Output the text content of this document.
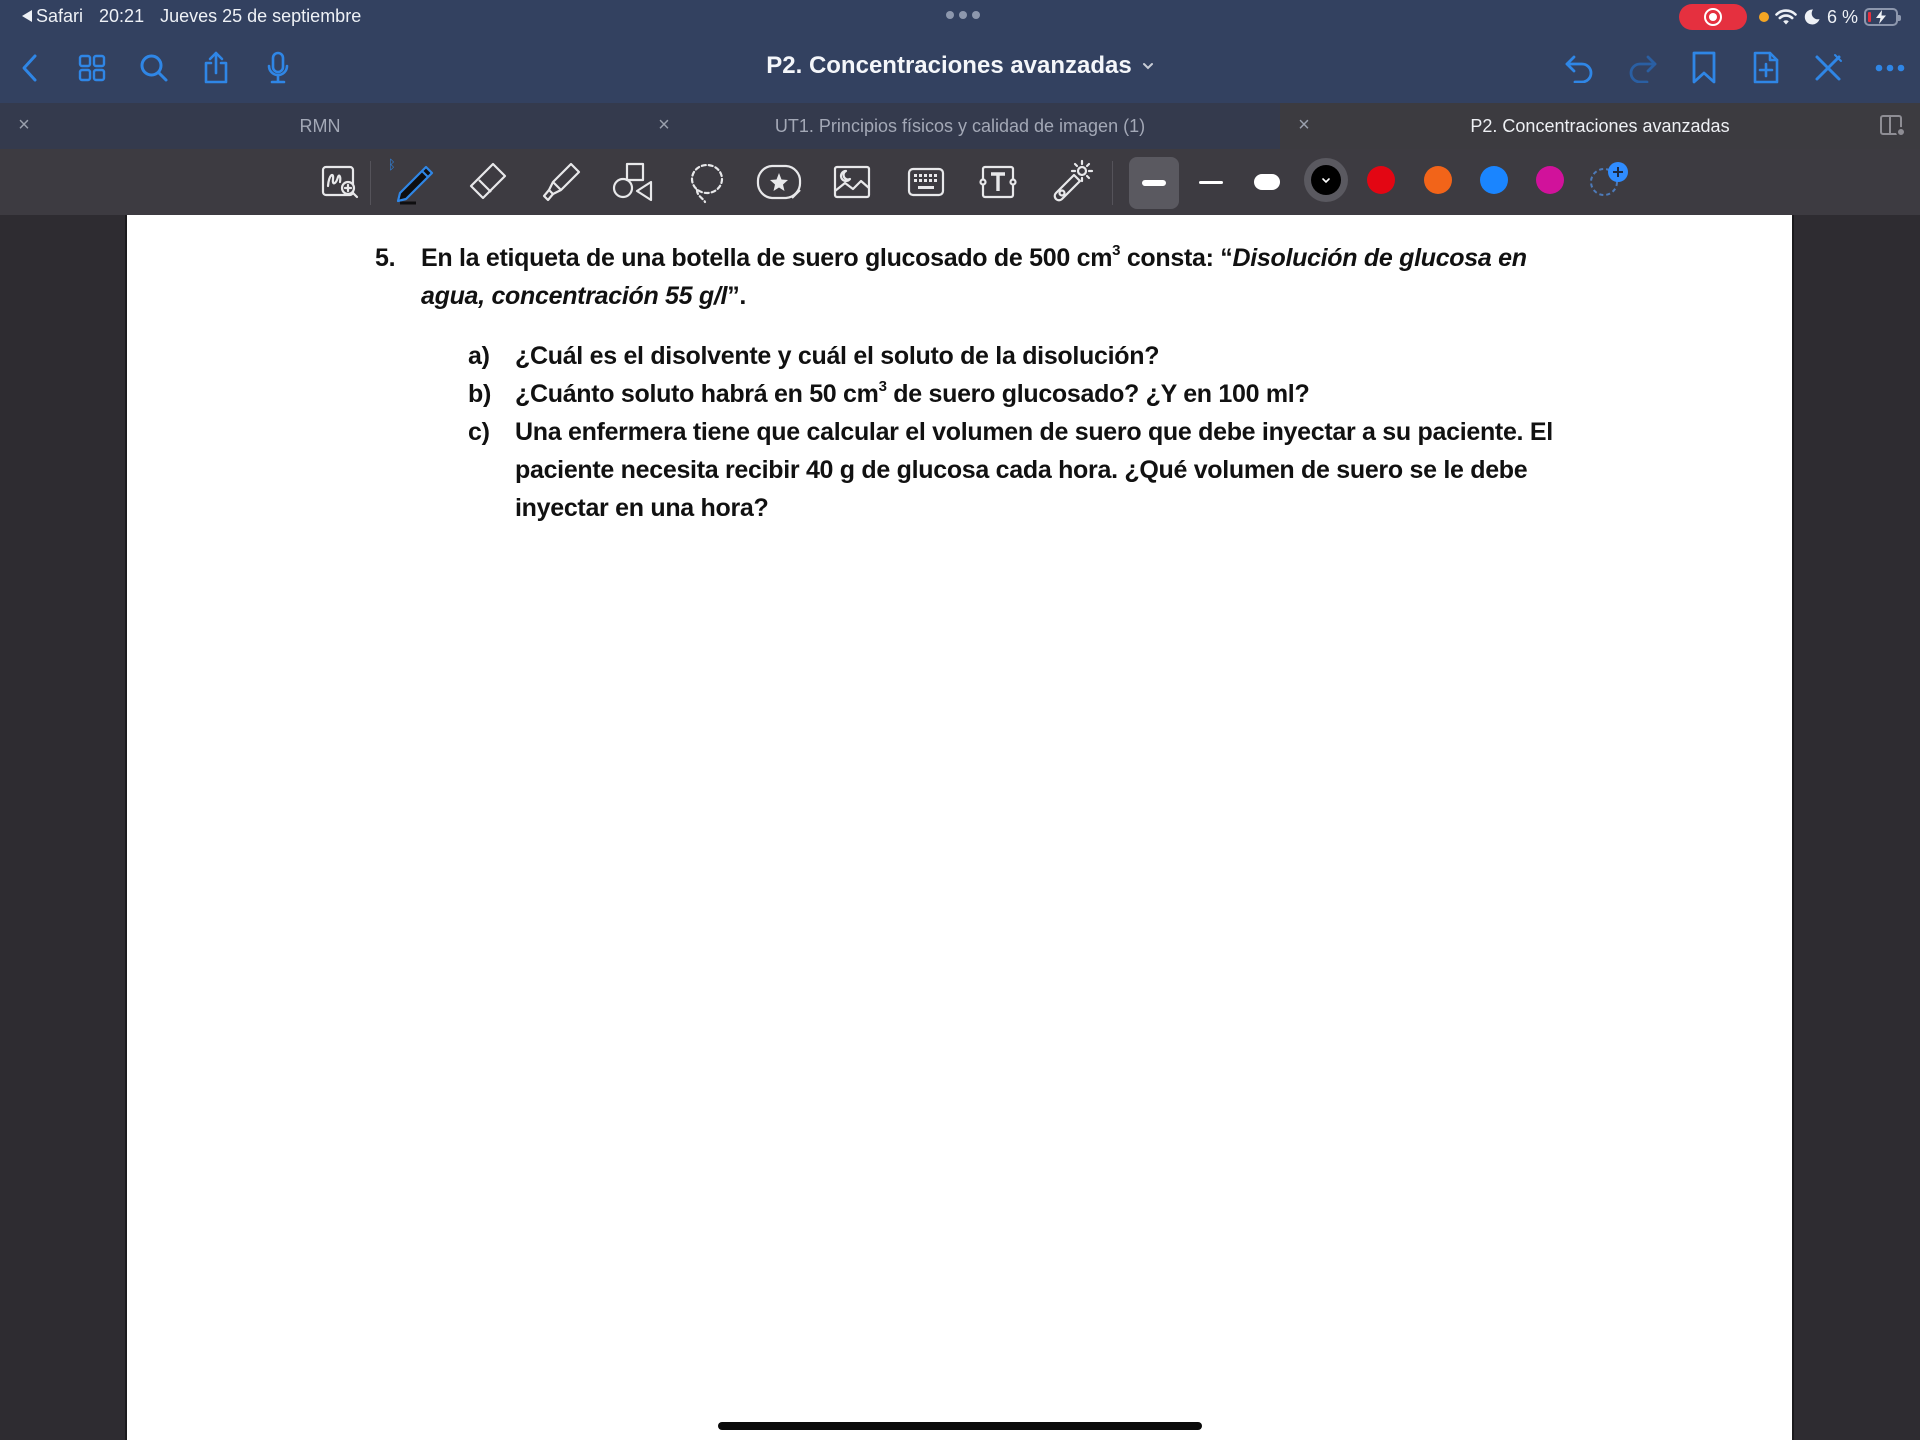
Safari 20:21 Jueves 25 de septiembre	6 %
P2. Concentraciones avanzadas
×	RMN	×	UT1. Principios físicos y calidad de imagen (1)	×	P2. Concentraciones avanzadas
ᛒ
5. En la etiqueta de una botella de suero glucosado de 500 $cm^3$ consta: “Disolución de glucosa en
agua, concentración 55 g/l”.
a) ¿Cuál es el disolvente y cuál el soluto de la disolución?
b) ¿Cuánto soluto habrá en 50 $cm^3$ de suero glucosado? ¿Y en 100 ml?
c) Una enfermera tiene que calcular el volumen de suero que debe inyectar a su paciente. El
paciente necesita recibir 40 g de glucosa cada hora. ¿Qué volumen de suero se le debe
inyectar en una hora?
